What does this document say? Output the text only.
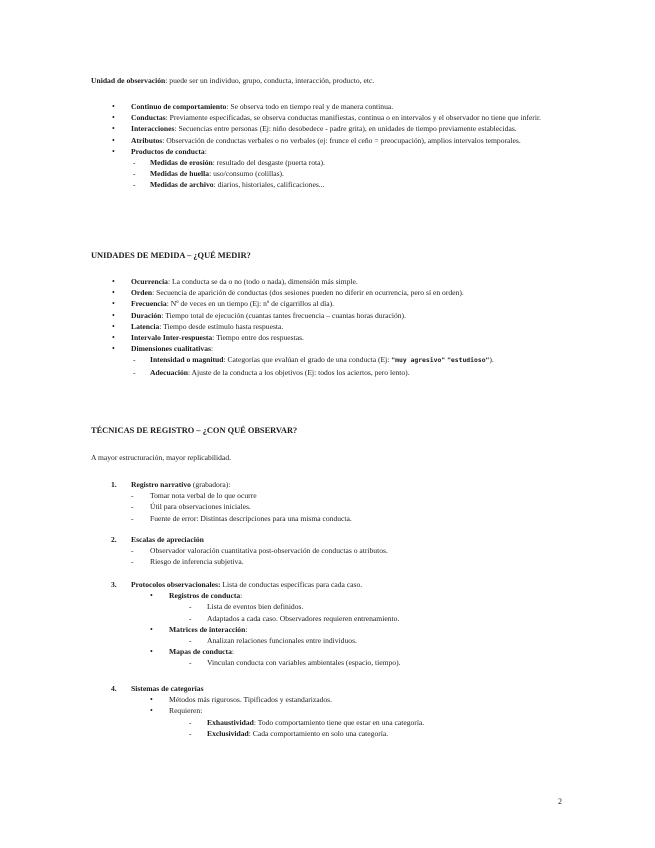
Unidad de observación: puede ser un individuo, grupo, conducta, interacción, producto, etc.

• Continuo de comportamiento: Se observa todo en tiempo real y de manera continua.
• Conductas: Previamente especificadas, se observa conductas manifiestas, continua o en intervalos y el observador no tiene que inferir.
• Interacciones: Secuencias entre personas (Ej: niño desobedece - padre grita), en unidades de tiempo previamente establecidas.
• Atributos: Observación de conductas verbales o no verbales (ej: frunce el ceño = preocupación), amplios intervalos temporales.
• Productos de conducta:
- Medidas de erosión: resultado del desgaste (puerta rota).
- Medidas de huella: uso/consumo (colillas).
- Medidas de archivo: diarios, historiales, calificaciones...
UNIDADES DE MEDIDA – ¿QUÉ MEDIR?
• Ocurrencia: La conducta se da o no (todo o nada), dimensión más simple.
• Orden: Secuencia de aparición de conductas (dos sesiones pueden no diferir en ocurrencia, pero sí en orden).
• Frecuencia: Nº de veces en un tiempo (Ej: nº de cigarrillos al día).
• Duración: Tiempo total de ejecución (cuantas tantes frecuencia – cuantas horas duración).
• Latencia: Tiempo desde estímulo hasta respuesta.
• Intervalo Inter-respuesta: Tiempo entre dos respuestas.
• Dimensiones cualitativas:
- Intensidad o magnitud: Categorías que evalúan el grado de una conducta (Ej: "muy agresivo" "estudioso").
- Adecuación: Ajuste de la conducta a los objetivos (Ej: todos los aciertos, pero lento).
TÉCNICAS DE REGISTRO – ¿CON QUÉ OBSERVAR?

A mayor estructuración, mayor replicabilidad.

1. Registro narrativo (grabadora):
- Tomar nota verbal de lo que ocurre
- Útil para observaciones iniciales.
- Fuente de error: Distintas descripciones para una misma conducta.
2. Escalas de apreciación
- Observador valoración cuantitativa post-observación de conductas o atributos.
- Riesgo de inferencia subjetiva.
3. Protocolos observacionales: Lista de conductas específicas para cada caso.
• Registros de conducta:
- Lista de eventos bien definidos.
- Adaptados a cada caso. Observadores requieren entrenamiento.
• Matrices de interacción:
- Analizan relaciones funcionales entre individuos.
• Mapas de conducta:
- Vinculan conducta con variables ambientales (espacio, tiempo).
4. Sistemas de categorías
• Métodos más rigurosos. Tipificados y estandarizados.
• Requieren:
- Exhaustividad: Todo comportamiento tiene que estar en una categoría.
- Exclusividad: Cada comportamiento en solo una categoría.
2
